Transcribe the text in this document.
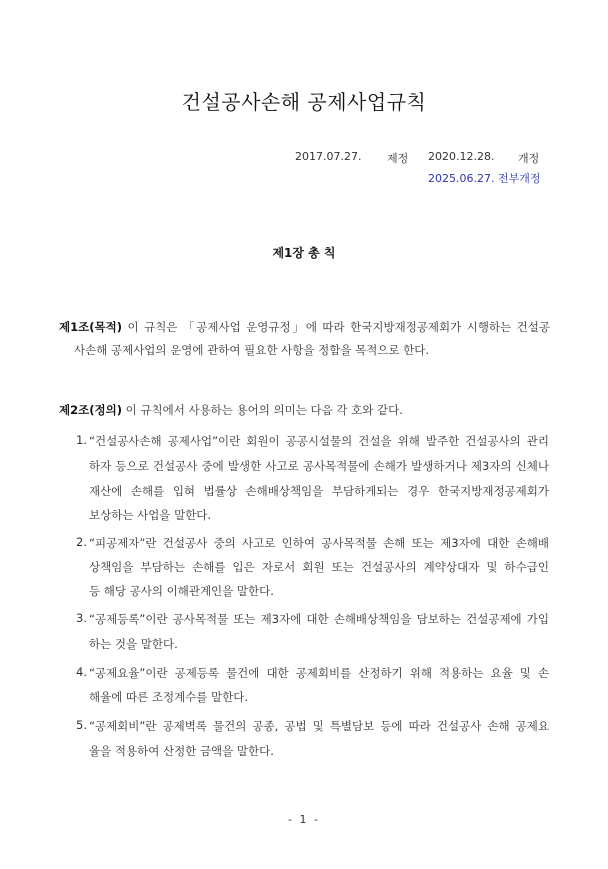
건설공사손해 공제사업규칙
2017.07.27. 제정 2020.12.28. 개정
2025.06.27. 전부개정
제1장 총 칙
제1조(목적) 이 규칙은 「공제사업 운영규정」에 따라 한국지방재정공제회가 시행하는 건설공
사손해 공제사업의 운영에 관하여 필요한 사항을 정함을 목적으로 한다.
제2조(정의) 이 규칙에서 사용하는 용어의 의미는 다음 각 호와 같다.
1. “건설공사손해 공제사업”이란 회원이 공공시설물의 건설을 위해 발주한 건설공사의 관리
하자 등으로 건설공사 중에 발생한 사고로 공사목적물에 손해가 발생하거나 제3자의 신체나
재산에 손해를 입혀 법률상 손해배상책임을 부담하게되는 경우 한국지방재정공제회가
보상하는 사업을 말한다.
2. “피공제자”란 건설공사 중의 사고로 인하여 공사목적물 손해 또는 제3자에 대한 손해배
상책임을 부담하는 손해를 입은 자로서 회원 또는 건설공사의 계약상대자 및 하수급인
등 해당 공사의 이해관계인을 말한다.
3. “공제등록”이란 공사목적물 또는 제3자에 대한 손해배상책임을 담보하는 건설공제에 가입
하는 것을 말한다.
4. “공제요율”이란 공제등록 물건에 대한 공제회비를 산정하기 위해 적용하는 요율 및 손
해율에 따른 조정계수를 말한다.
5. “공제회비”란 공제벽록 물건의 공종, 공법 및 특별담보 등에 따라 건설공사 손해 공제요
율을 적용하여 산정한 금액을 말한다.
- 1 -
